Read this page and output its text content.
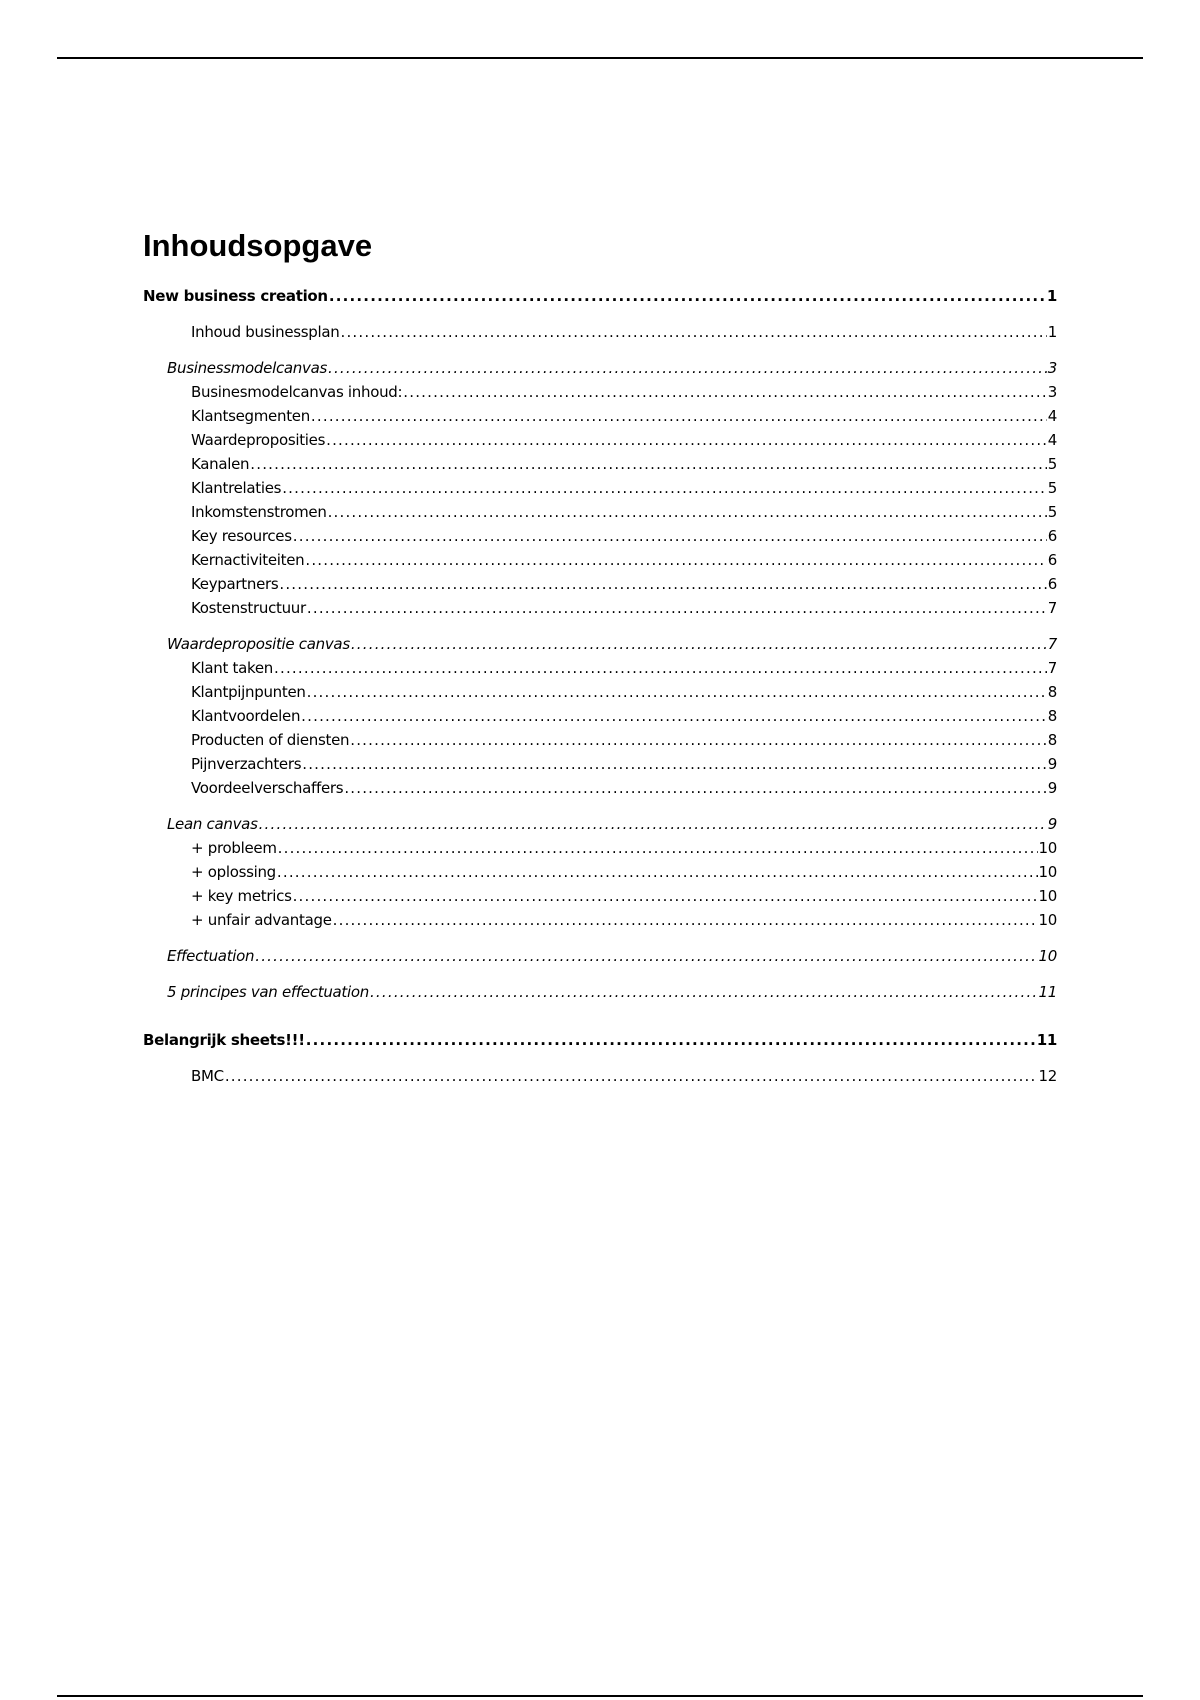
Inhoudsopgave
New business creation .....	1
Inhoud businessplan .....	1
Businessmodelcanvas .....	3
Businesmodelcanvas inhoud: .....	3
Klantsegmenten .....	4
Waardeproposities .....	4
Kanalen .....	5
Klantrelaties .....	5
Inkomstenstromen .....	5
Key resources .....	6
Kernactiviteiten .....	6
Keypartners .....	6
Kostenstructuur .....	7
Waardepropositie canvas .....	7
Klant taken .....	7
Klantpijnpunten .....	8
Klantvoordelen .....	8
Producten of diensten .....	8
Pijnverzachters .....	9
Voordeelverschaffers .....	9
Lean canvas .....	9
+ probleem .....	10
+ oplossing .....	10
+ key metrics .....	10
+ unfair advantage .....	10
Effectuation .....	10
5 principes van effectuation .....	11
Belangrijk sheets!!! .....	11
BMC .....	12
